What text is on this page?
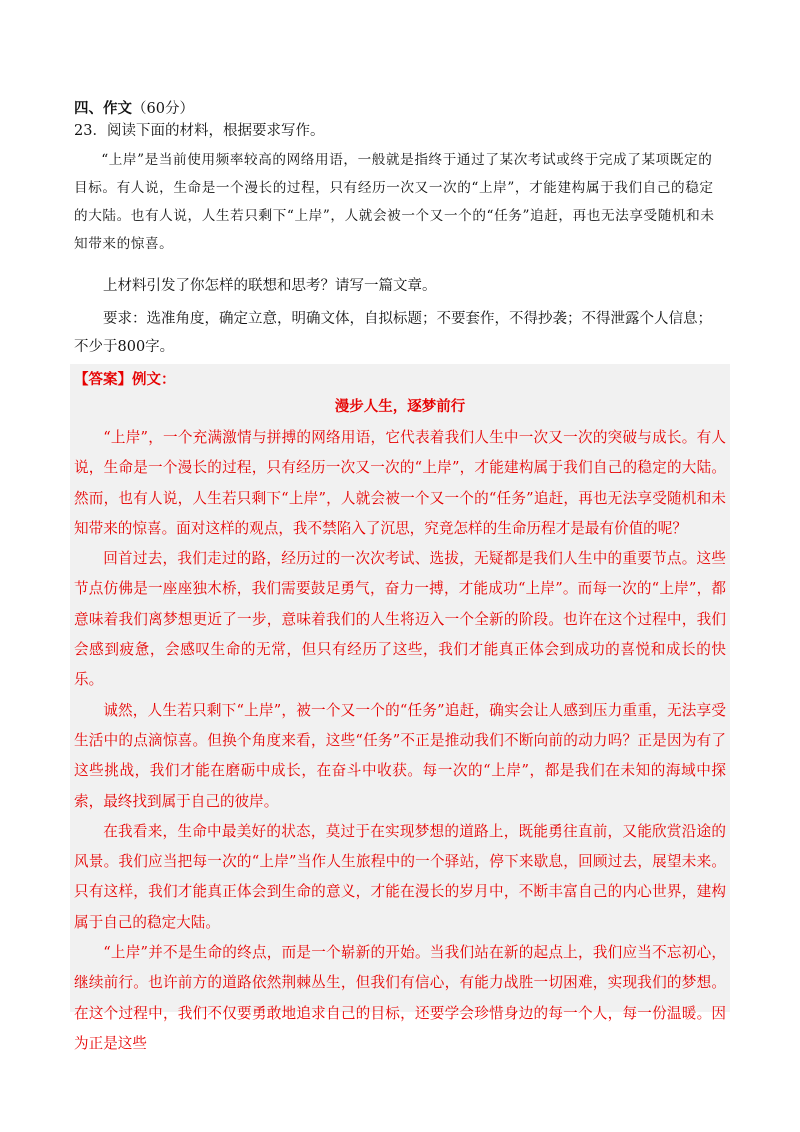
四、作文（60分）
23．阅读下面的材料，根据要求写作。

“上岸”是当前使用频率较高的网络用语，一般就是指终于通过了某次考试或终于完成了某项既定的目标。有人说，生命是一个漫长的过程，只有经历一次又一次的“上岸”，才能建构属于我们自己的稳定的大陆。也有人说，人生若只剩下“上岸”，人就会被一个又一个的“任务”追赶，再也无法享受随机和未知带来的惊喜。

上材料引发了你怎样的联想和思考？请写一篇文章。

要求：选准角度，确定立意，明确文体，自拟标题；不要套作，不得抄袭；不得泄露个人信息；不少于800字。

【答案】例文：
漫步人生，逐梦前行

“上岸”，一个充满激情与拼搏的网络用语，它代表着我们人生中一次又一次的突破与成长。有人说，生命是一个漫长的过程，只有经历一次又一次的“上岸”，才能建构属于我们自己的稳定的大陆。然而，也有人说，人生若只剩下“上岸”，人就会被一个又一个的“任务”追赶，再也无法享受随机和未知带来的惊喜。面对这样的观点，我不禁陷入了沉思，究竟怎样的生命历程才是最有价值的呢？

回首过去，我们走过的路，经历过的一次次考试、选拔，无疑都是我们人生中的重要节点。这些节点仿佛是一座座独木桥，我们需要鼓足勇气，奋力一搏，才能成功“上岸”。而每一次的“上岸”，都意味着我们离梦想更近了一步，意味着我们的人生将迈入一个全新的阶段。也许在这个过程中，我们会感到疲惫，会感叹生命的无常，但只有经历了这些，我们才能真正体会到成功的喜悦和成长的快乐。

诚然，人生若只剩下“上岸”，被一个又一个的“任务”追赶，确实会让人感到压力重重，无法享受生活中的点滴惊喜。但换个角度来看，这些“任务”不正是推动我们不断向前的动力吗？正是因为有了这些挑战，我们才能在磨砺中成长，在奋斗中收获。每一次的“上岸”，都是我们在未知的海域中探索，最终找到属于自己的彼岸。

在我看来，生命中最美好的状态，莫过于在实现梦想的道路上，既能勇往直前，又能欣赏沿途的风景。我们应当把每一次的“上岸”当作人生旅程中的一个驿站，停下来歇息，回顾过去，展望未来。只有这样，我们才能真正体会到生命的意义，才能在漫长的岁月中，不断丰富自己的内心世界，建构属于自己的稳定大陆。

“上岸”并不是生命的终点，而是一个崭新的开始。当我们站在新的起点上，我们应当不忘初心，继续前行。也许前方的道路依然荆棘丛生，但我们有信心，有能力战胜一切困难，实现我们的梦想。在这个过程中，我们不仅要勇敢地追求自己的目标，还要学会珍惜身边的每一个人，每一份温暖。因为正是这些
